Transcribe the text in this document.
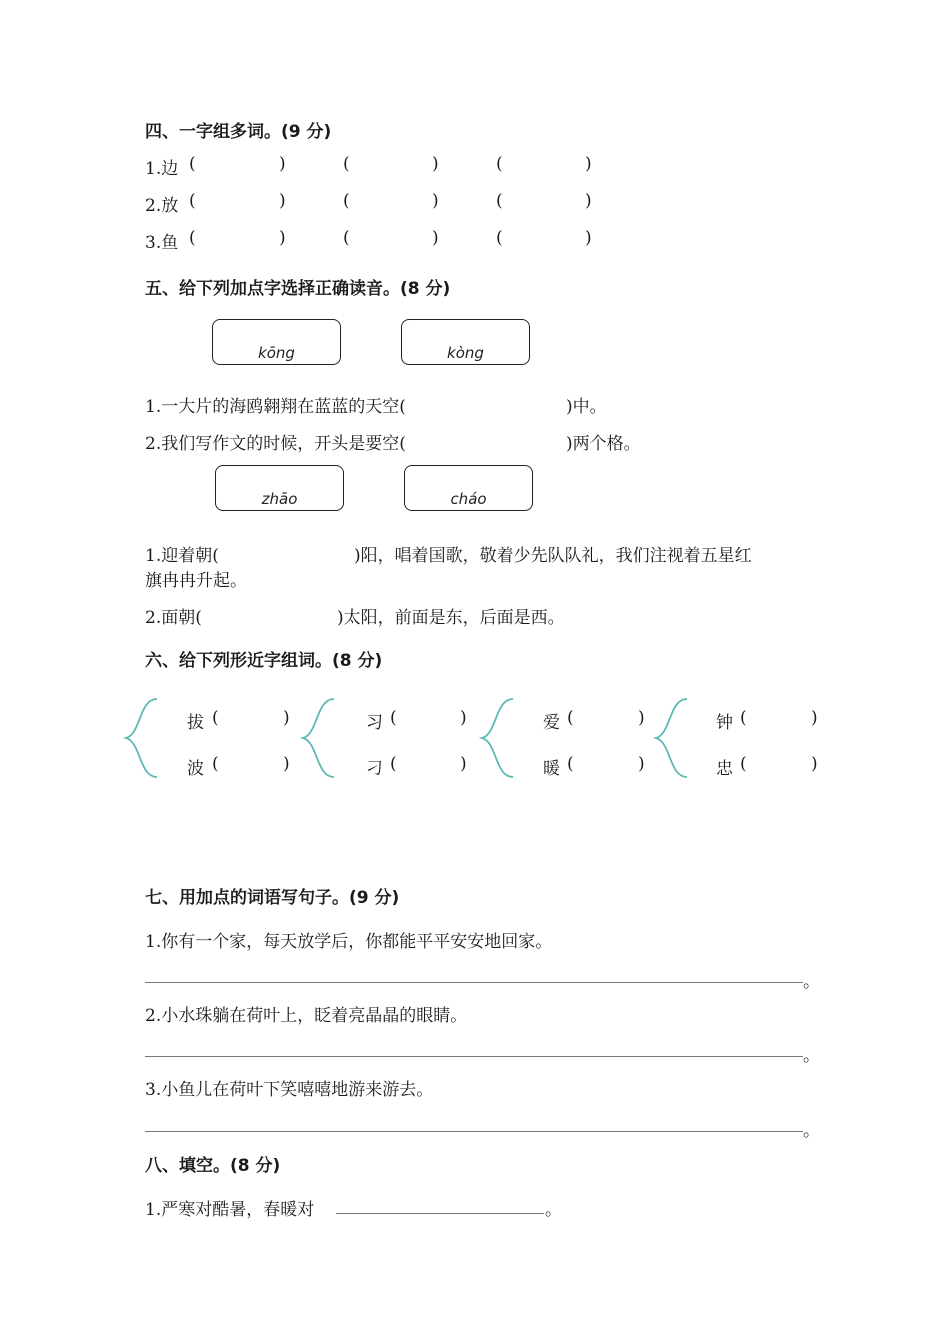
四、一字组多词。(9 分)
1.边 (	)	(	)	(	)
2.放 (	)	(	)	(	)
3.鱼 (	)	(	)	(	)
五、给下列加点字选择正确读音。(8 分)
kōng	kòng
1.一大片的海鸥翱翔在蓝蓝的天空(	)中。
2.我们写作文的时候，开头是要空(	)两个格。
zhāo	cháo
1.迎着朝(	)阳，唱着国歌，敬着少先队队礼，我们注视着五星红
旗冉冉升起。
2.面朝(	)太阳，前面是东，后面是西。
六、给下列形近字组词。(8 分)
拔 (	)
波 (	)
习 (	)
刁 (	)
爱 (	)
暖 (	)
钟 (	)
忠 (	)
七、用加点的词语写句子。(9 分)
1.你有一个家，每天放学后，你都能平平安安地回家。
。
2.小水珠躺在荷叶上，眨着亮晶晶的眼睛。
。
3.小鱼儿在荷叶下笑嘻嘻地游来游去。
。
八、填空。(8 分)
1.严寒对酷暑，春暖对	。
